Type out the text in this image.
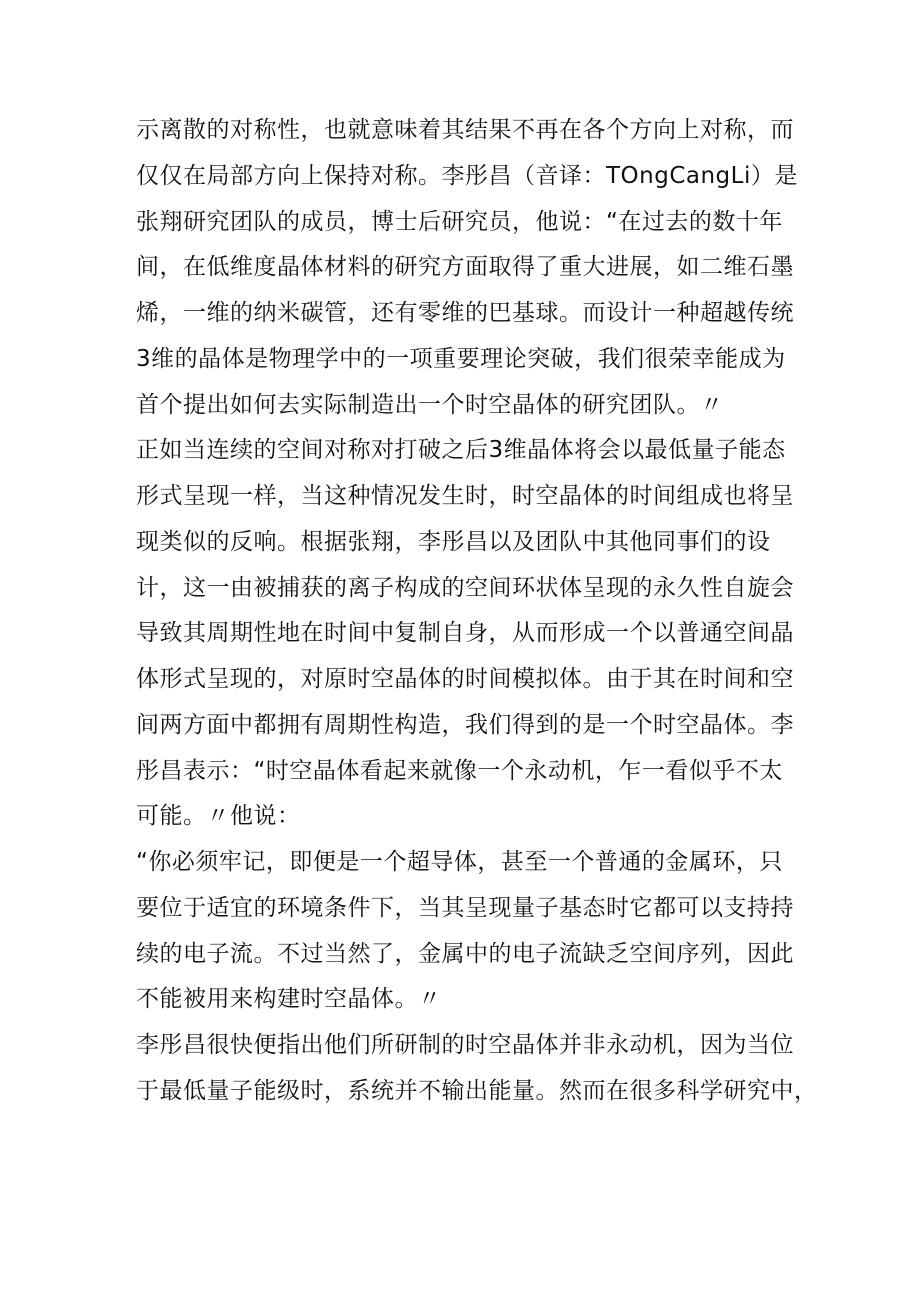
示离散的对称性，也就意味着其结果不再在各个方向上对称，而
仅仅在局部方向上保持对称。李彤昌（音译：TOngCangLi）是
张翔研究团队的成员，博士后研究员，他说：“在过去的数十年
间，在低维度晶体材料的研究方面取得了重大进展，如二维石墨
烯，一维的纳米碳管，还有零维的巴基球。而设计一种超越传统
3维的晶体是物理学中的一项重要理论突破，我们很荣幸能成为
首个提出如何去实际制造出一个时空晶体的研究团队。〃
正如当连续的空间对称对打破之后3维晶体将会以最低量子能态
形式呈现一样，当这种情况发生时，时空晶体的时间组成也将呈
现类似的反响。根据张翔，李彤昌以及团队中其他同事们的设
计，这一由被捕获的离子构成的空间环状体呈现的永久性自旋会
导致其周期性地在时间中复制自身，从而形成一个以普通空间晶
体形式呈现的，对原时空晶体的时间模拟体。由于其在时间和空
间两方面中都拥有周期性构造，我们得到的是一个时空晶体。李
彤昌表示：“时空晶体看起来就像一个永动机，乍一看似乎不太
可能。〃他说：
“你必须牢记，即便是一个超导体，甚至一个普通的金属环，只
要位于适宜的环境条件下，当其呈现量子基态时它都可以支持持
续的电子流。不过当然了，金属中的电子流缺乏空间序列，因此
不能被用来构建时空晶体。〃
李彤昌很快便指出他们所研制的时空晶体并非永动机，因为当位
于最低量子能级时，系统并不输出能量。然而在很多科学研究中，
